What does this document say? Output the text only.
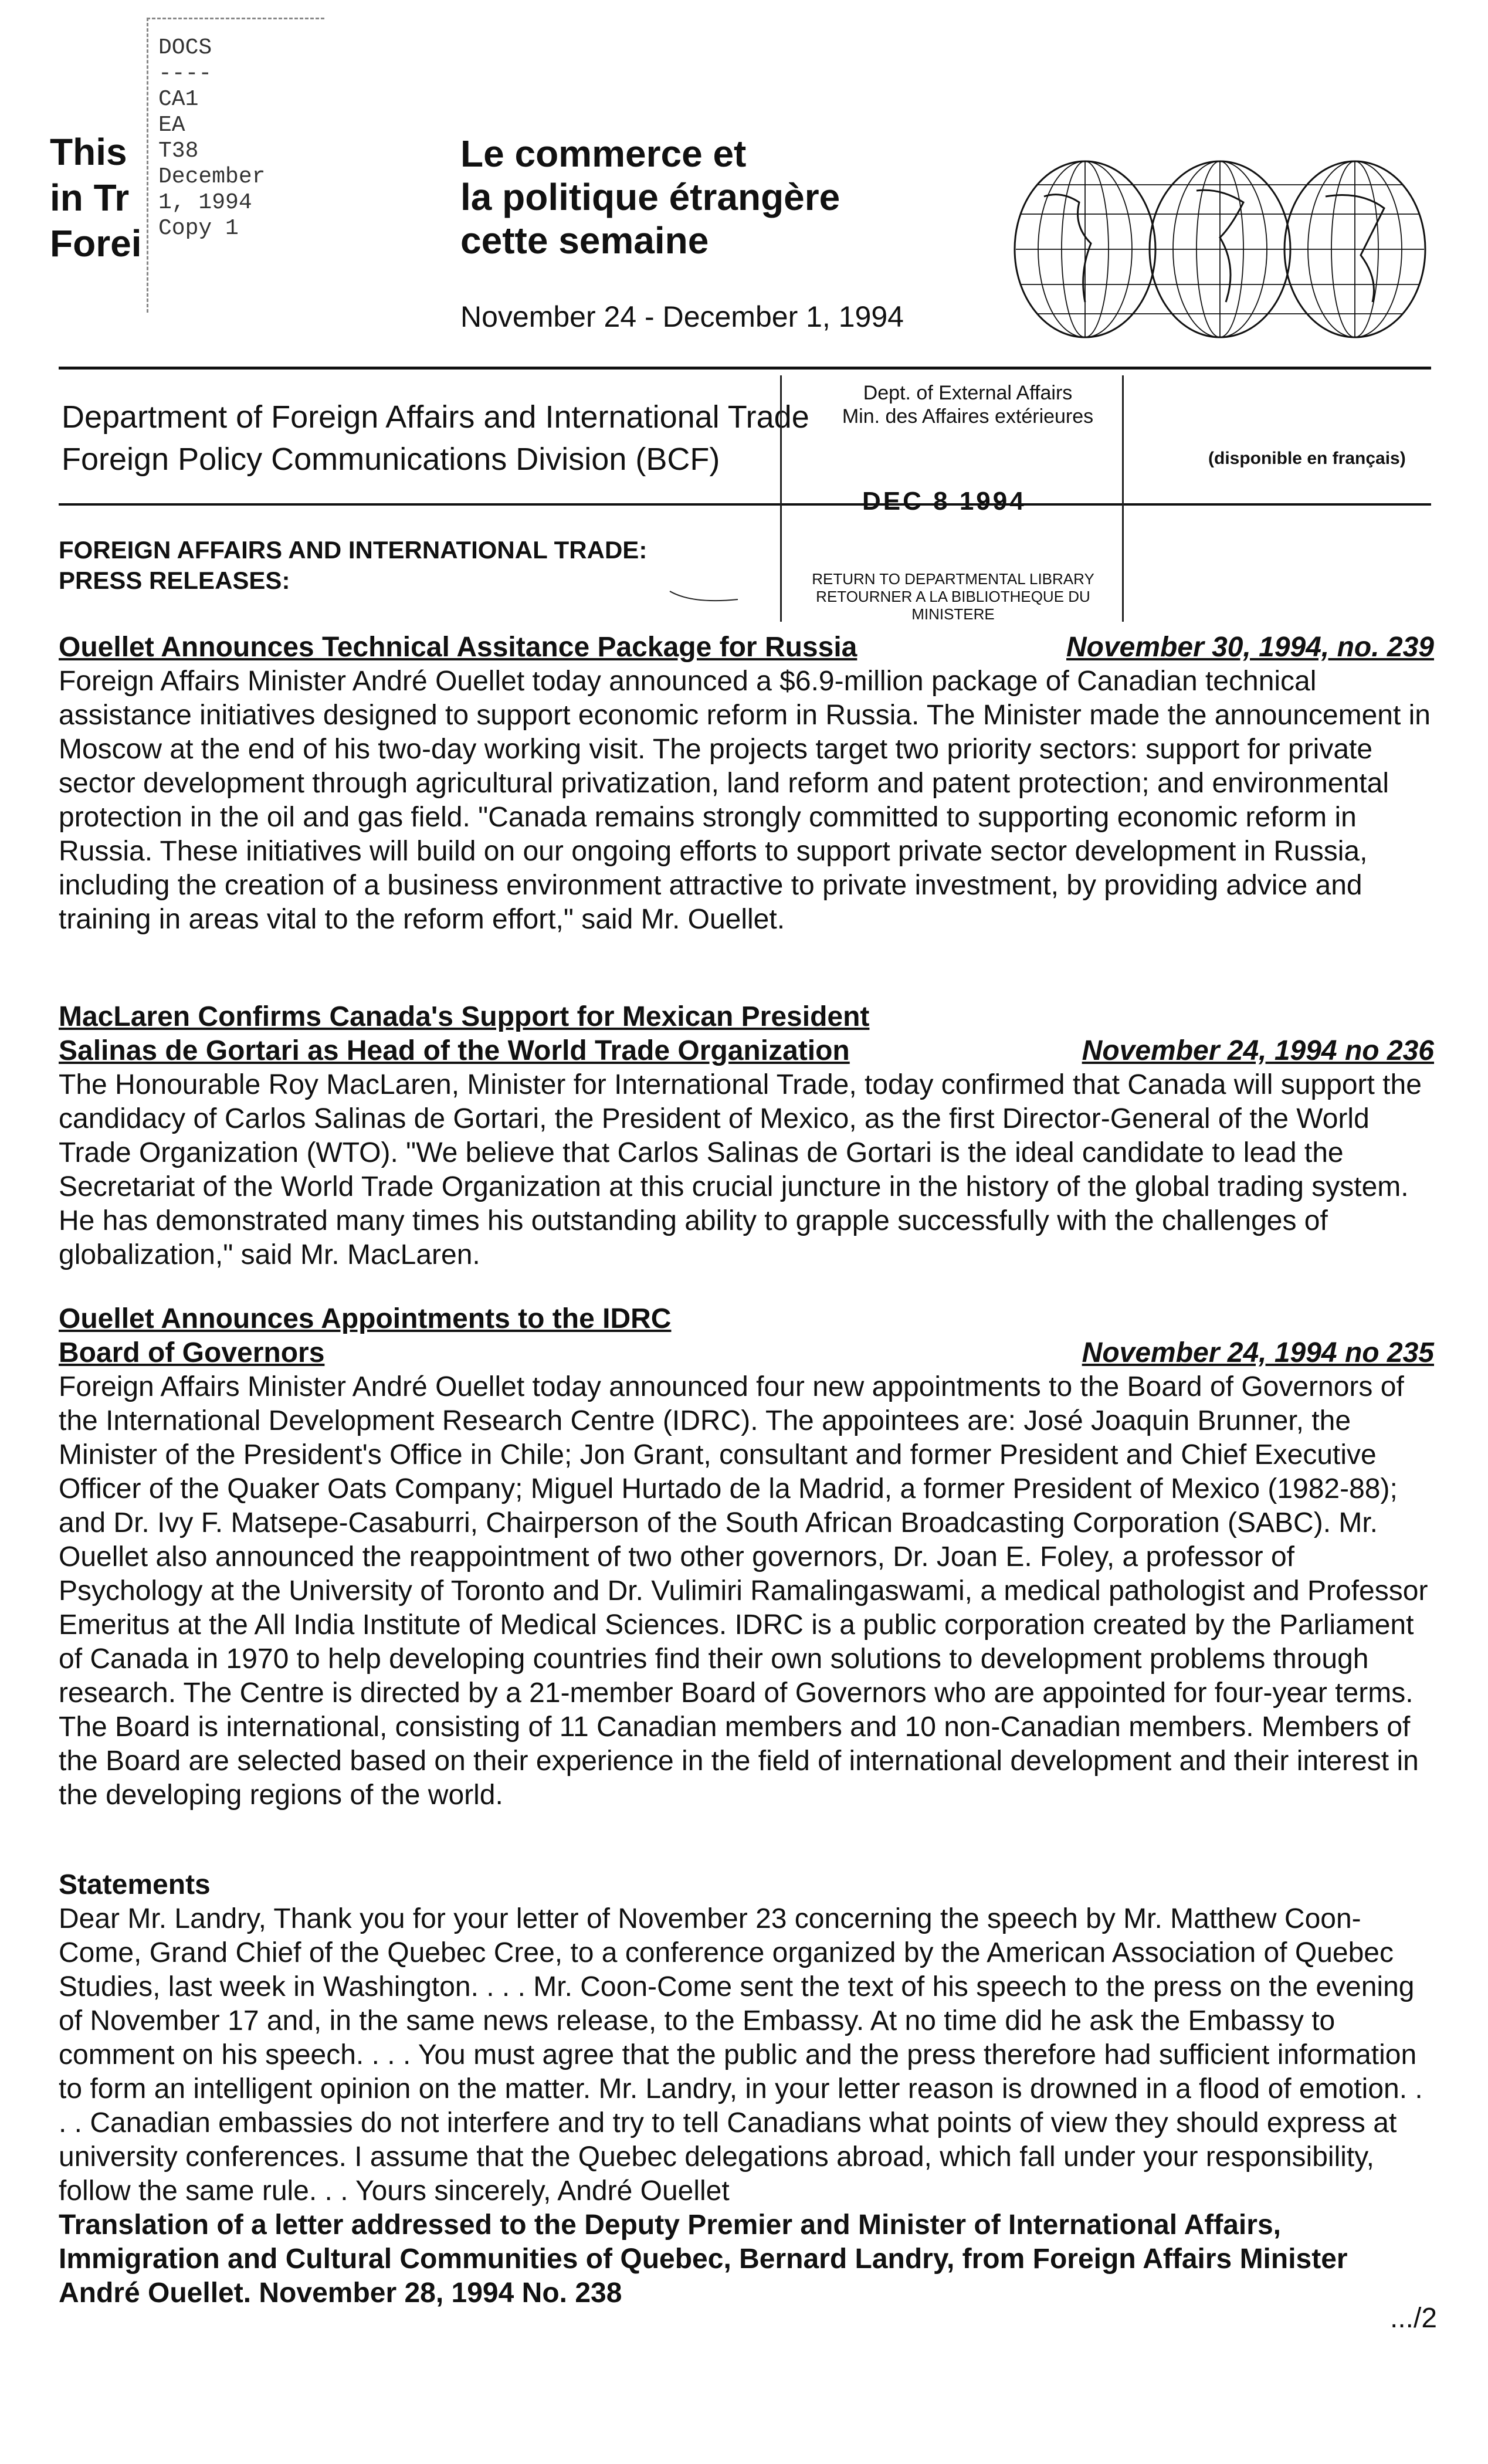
DOCS
----
CA1
EA
T38
December
1, 1994
Copy 1
This
in Tr
Forei
Le commerce et
la politique étrangère
cette semaine
November 24 - December 1, 1994
Department of Foreign Affairs and International Trade
Foreign Policy Communications Division (BCF)	(disponible en français)
Dept. of External Affairs
Min. des Affaires extérieures
DEC 8 1994
RETURN TO DEPARTMENTAL LIBRARY
RETOURNER A LA BIBLIOTHEQUE DU MINISTERE
FOREIGN AFFAIRS AND INTERNATIONAL TRADE:
PRESS RELEASES:
Ouellet Announces Technical Assitance Package for Russia	November 30, 1994, no. 239
Foreign Affairs Minister André Ouellet today announced a $6.9-million package of Canadian technical assistance initiatives designed to support economic reform in Russia. The Minister made the announcement in Moscow at the end of his two-day working visit. The projects target two priority sectors: support for private sector development through agricultural privatization, land reform and patent protection; and environmental protection in the oil and gas field. "Canada remains strongly committed to supporting economic reform in Russia. These initiatives will build on our ongoing efforts to support private sector development in Russia, including the creation of a business environment attractive to private investment, by providing advice and training in areas vital to the reform effort," said Mr. Ouellet.
MacLaren Confirms Canada's Support for Mexican President
Salinas de Gortari as Head of the World Trade Organization	November 24, 1994 no 236
The Honourable Roy MacLaren, Minister for International Trade, today confirmed that Canada will support the candidacy of Carlos Salinas de Gortari, the President of Mexico, as the first Director-General of the World Trade Organization (WTO). "We believe that Carlos Salinas de Gortari is the ideal candidate to lead the Secretariat of the World Trade Organization at this crucial juncture in the history of the global trading system. He has demonstrated many times his outstanding ability to grapple successfully with the challenges of globalization," said Mr. MacLaren.
Ouellet Announces Appointments to the IDRC
Board of Governors	November 24, 1994 no 235
Foreign Affairs Minister André Ouellet today announced four new appointments to the Board of Governors of the International Development Research Centre (IDRC). The appointees are: José Joaquin Brunner, the Minister of the President's Office in Chile; Jon Grant, consultant and former President and Chief Executive Officer of the Quaker Oats Company; Miguel Hurtado de la Madrid, a former President of Mexico (1982-88); and Dr. Ivy F. Matsepe-Casaburri, Chairperson of the South African Broadcasting Corporation (SABC). Mr. Ouellet also announced the reappointment of two other governors, Dr. Joan E. Foley, a professor of Psychology at the University of Toronto and Dr. Vulimiri Ramalingaswami, a medical pathologist and Professor Emeritus at the All India Institute of Medical Sciences. IDRC is a public corporation created by the Parliament of Canada in 1970 to help developing countries find their own solutions to development problems through research. The Centre is directed by a 21-member Board of Governors who are appointed for four-year terms. The Board is international, consisting of 11 Canadian members and 10 non-Canadian members. Members of the Board are selected based on their experience in the field of international development and their interest in the developing regions of the world.
Statements
Dear Mr. Landry, Thank you for your letter of November 23 concerning the speech by Mr. Matthew Coon-Come, Grand Chief of the Quebec Cree, to a conference organized by the American Association of Quebec Studies, last week in Washington. . . . Mr. Coon-Come sent the text of his speech to the press on the evening of November 17 and, in the same news release, to the Embassy. At no time did he ask the Embassy to comment on his speech. . . . You must agree that the public and the press therefore had sufficient information to form an intelligent opinion on the matter. Mr. Landry, in your letter reason is drowned in a flood of emotion. . . . Canadian embassies do not interfere and try to tell Canadians what points of view they should express at university conferences. I assume that the Quebec delegations abroad, which fall under your responsibility, follow the same rule. . . Yours sincerely, André Ouellet
Translation of a letter addressed to the Deputy Premier and Minister of International Affairs, Immigration and Cultural Communities of Quebec, Bernard Landry, from Foreign Affairs Minister André Ouellet. November 28, 1994 No. 238
.../2
